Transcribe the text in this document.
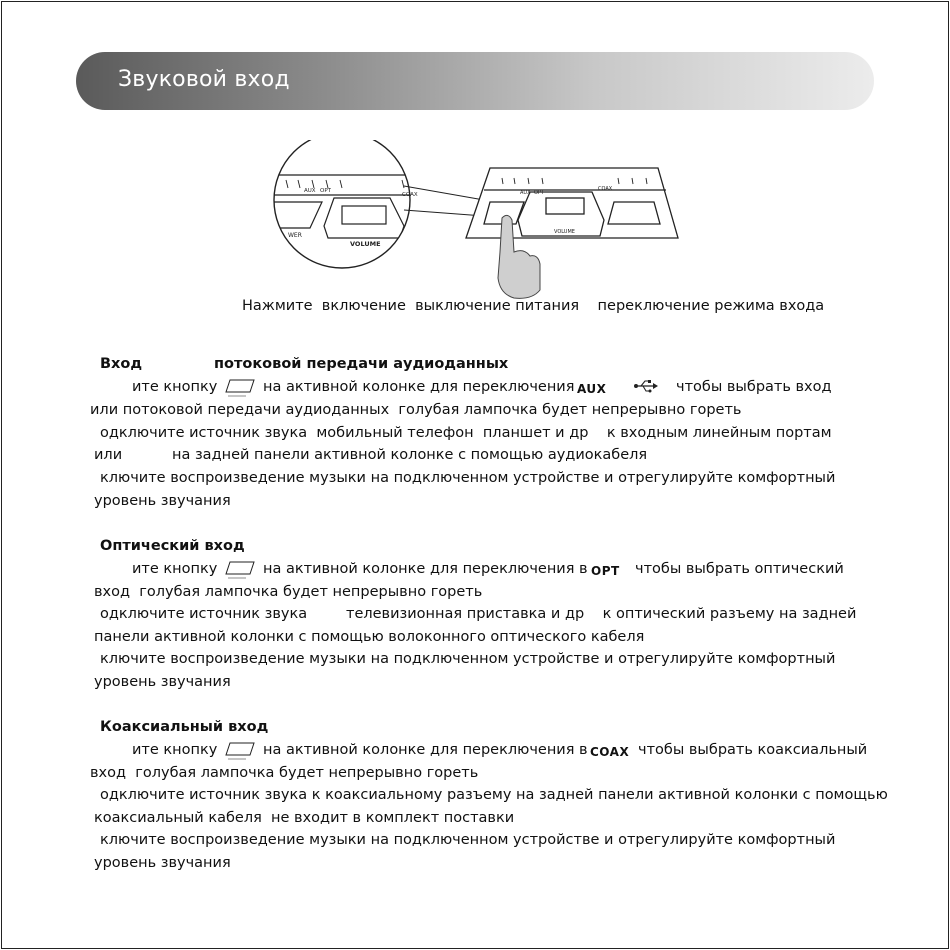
Звуковой вход
AUX OPT
COAX
WER
VOLUME
AUX OPT
COAX
VOLUME
Нажмите  включение  выключение питания    переключение режима входа
Вход	потоковой передачи аудиоданных
ите кнопку	на активной колонке для переключения AUX	чтобы выбрать вход
или потоковой передачи аудиоданных  голубая лампочка будет непрерывно гореть
одключите источник звука  мобильный телефон  планшет и др    к входным линейным портам
или	на задней панели активной колонке с помощью аудиокабеля
ключите воспроизведение музыки на подключенном устройстве и отрегулируйте комфортный
уровень звучания
Оптический вход
ите кнопку	на активной колонке для переключения в OPT чтобы выбрать оптический
вход  голубая лампочка будет непрерывно гореть
одключите источник звука	телевизионная приставка и др    к оптический разъему на задней
панели активной колонки с помощью волоконного оптического кабеля
ключите воспроизведение музыки на подключенном устройстве и отрегулируйте комфортный
уровень звучания
Коаксиальный вход
ите кнопку	на активной колонке для переключения в COAX чтобы выбрать коаксиальный
вход  голубая лампочка будет непрерывно гореть
одключите источник звука к коаксиальному разъему на задней панели активной колонки с помощью
коаксиальный кабеля  не входит в комплект поставки
ключите воспроизведение музыки на подключенном устройстве и отрегулируйте комфортный
уровень звучания
